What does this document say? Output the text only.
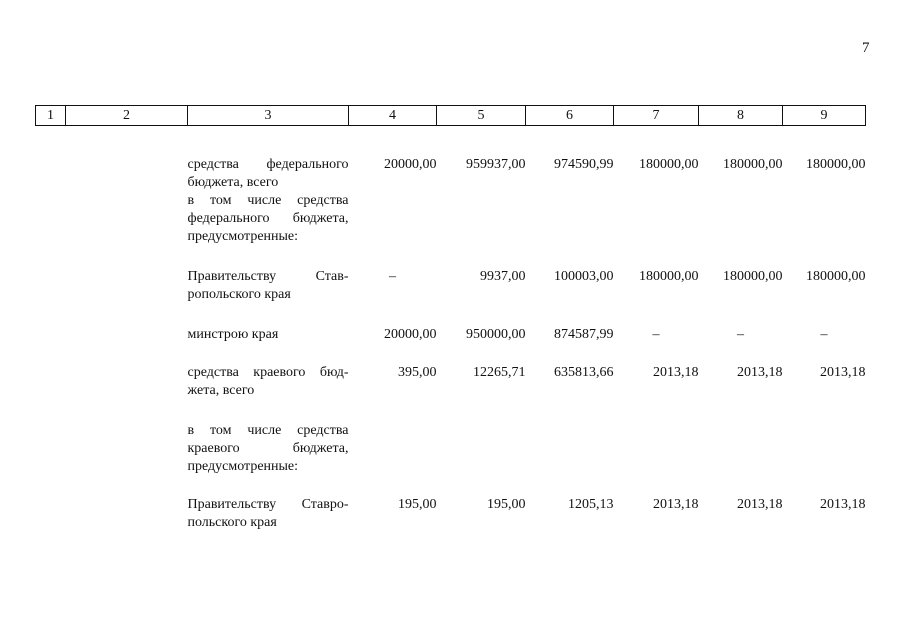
7
1	2	3	4	5	6	7	8	9
		средства федерального бюджета, всего	20000,00	959937,00	974590,99	180000,00	180000,00	180000,00
		в том числе средства федерального бюджета, предусмотренные:						
		Правительству Став-ропольского края	–	9937,00	100003,00	180000,00	180000,00	180000,00
		минстрою края	20000,00	950000,00	874587,99	–	–	–
		средства краевого бюд-жета, всего	395,00	12265,71	635813,66	2013,18	2013,18	2013,18
		в том числе средства краевого бюджета, предусмотренные:						
		Правительству Ставро-польского края	195,00	195,00	1205,13	2013,18	2013,18	2013,18
